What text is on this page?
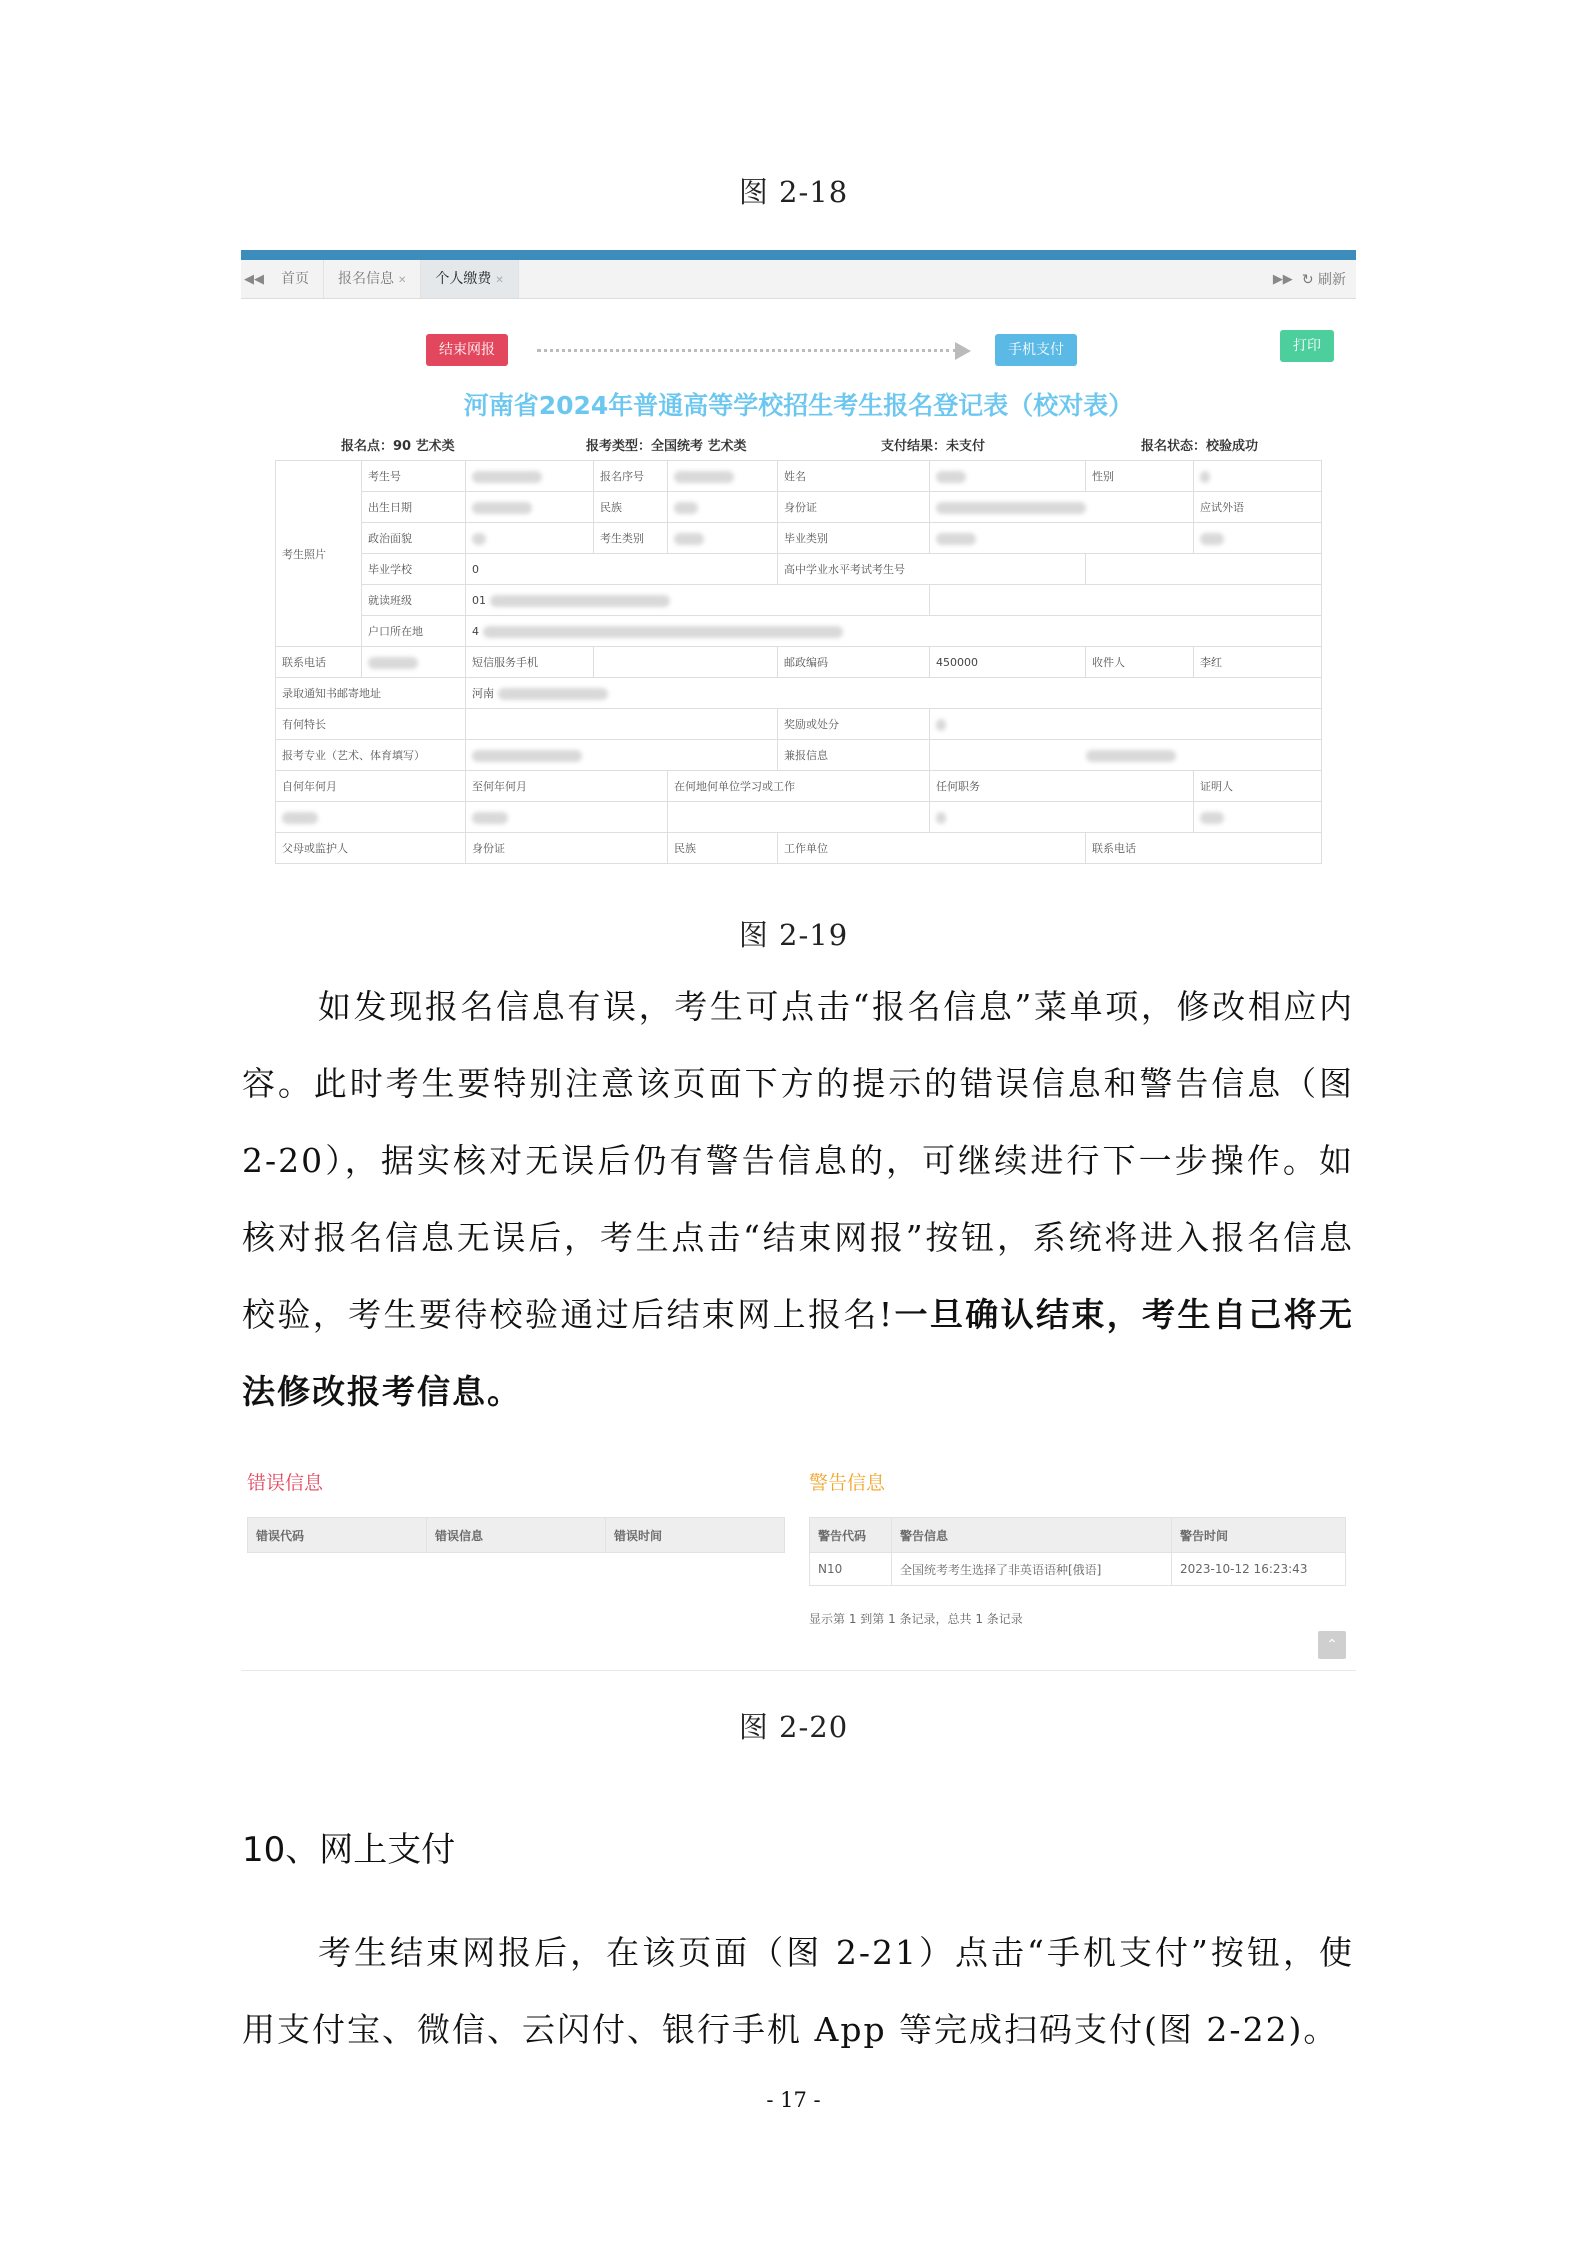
图 2-18
◀◀	首页	报名信息 ✕	个人缴费 ✕	▶▶ ↻ 刷新
结束网报	手机支付	打印
河南省2024年普通高等学校招生考生报名登记表（校对表）
报名点：90 艺术类	报考类型：全国统考 艺术类	支付结果：未支付	报名状态：校验成功
考生照片	考生号		报名序号		姓名		性别	
	出生日期		民族		身份证			应试外语
	政治面貌		考生类别		毕业类别			
	毕业学校	0			高中学业水平考试考生号			
	就读班级	01						
	户口所在地	4						
联系电话		短信服务手机			邮政编码	450000	收件人	李红
录取通知书邮寄地址		河南						
有何特长					奖励或处分			
报考专业（艺术、体育填写）					兼报信息			
自何年何月		至何年何月		在何地何单位学习或工作		任何职务		证明人

父母或监护人		身份证		民族	工作单位		联系电话	
图 2-19
如发现报名信息有误，考生可点击“报名信息”菜单项，修改相应内容。此时考生要特别注意该页面下方的提示的错误信息和警告信息（图 2-20），据实核对无误后仍有警告信息的，可继续进行下一步操作。如核对报名信息无误后，考生点击“结束网报”按钮，系统将进入报名信息校验，考生要待校验通过后结束网上报名!一旦确认结束，考生自己将无法修改报考信息。
错误信息
错误代码	错误信息	错误时间
警告信息
警告代码	警告信息	警告时间
N10	全国统考考生选择了非英语语种[俄语]	2023-10-12 16:23:43
显示第 1 到第 1 条记录，总共 1 条记录
⌃
图 2-20
10、网上支付
考生结束网报后，在该页面（图 2-21）点击“手机支付”按钮，使用支付宝、微信、云闪付、银行手机 App 等完成扫码支付(图 2-22)。
- 17 -
